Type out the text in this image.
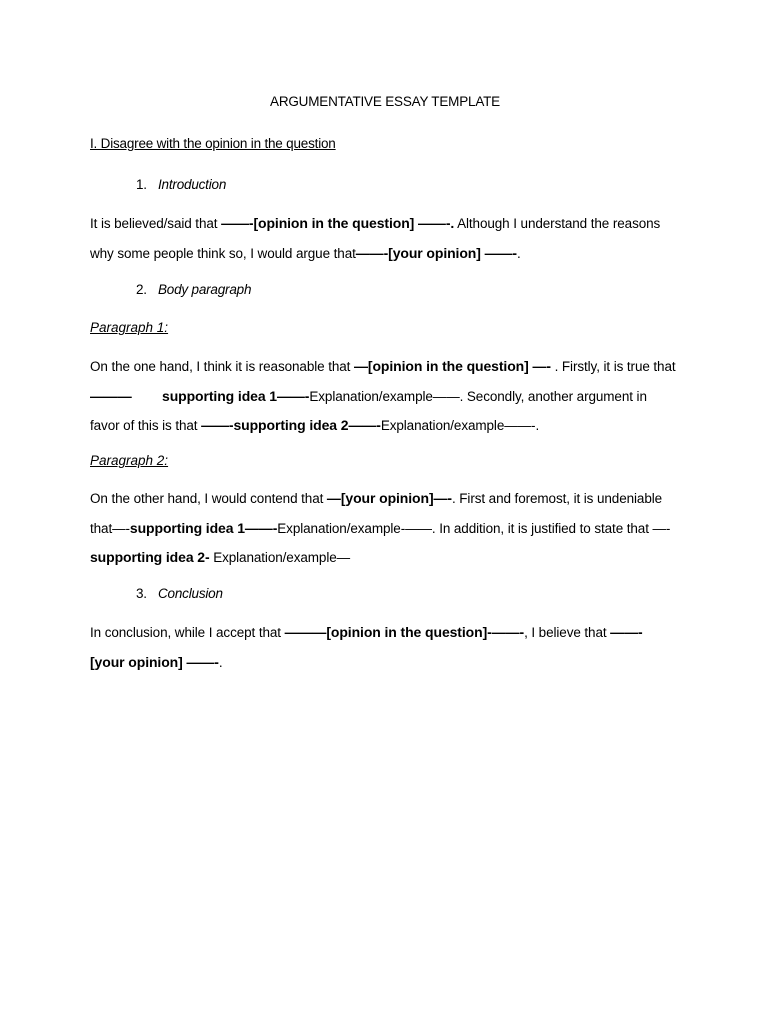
ARGUMENTATIVE ESSAY TEMPLATE
I. Disagree with the opinion in the question
1. Introduction

It is believed/said that ——-[opinion in the question] ——-. Although I understand the reasons why some people think so, I would argue that——-[your opinion] ——-.

2. Body paragraph
Paragraph 1:

On the one hand, I think it is reasonable that —[opinion in the question] —- . Firstly, it is true that———        supporting idea 1——-Explanation/example——. Secondly, another argument in favor of this is that ——-supporting idea 2——-Explanation/example——-.

Paragraph 2:

On the other hand, I would contend that —[your opinion]—-. First and foremost, it is undeniable that—-supporting idea 1——-Explanation/example-——. In addition, it is justified to state that —-supporting idea 2- Explanation/example—

3. Conclusion

In conclusion, while I accept that ———[opinion in the question]-——-, I believe that ——- [your opinion] ——-.
